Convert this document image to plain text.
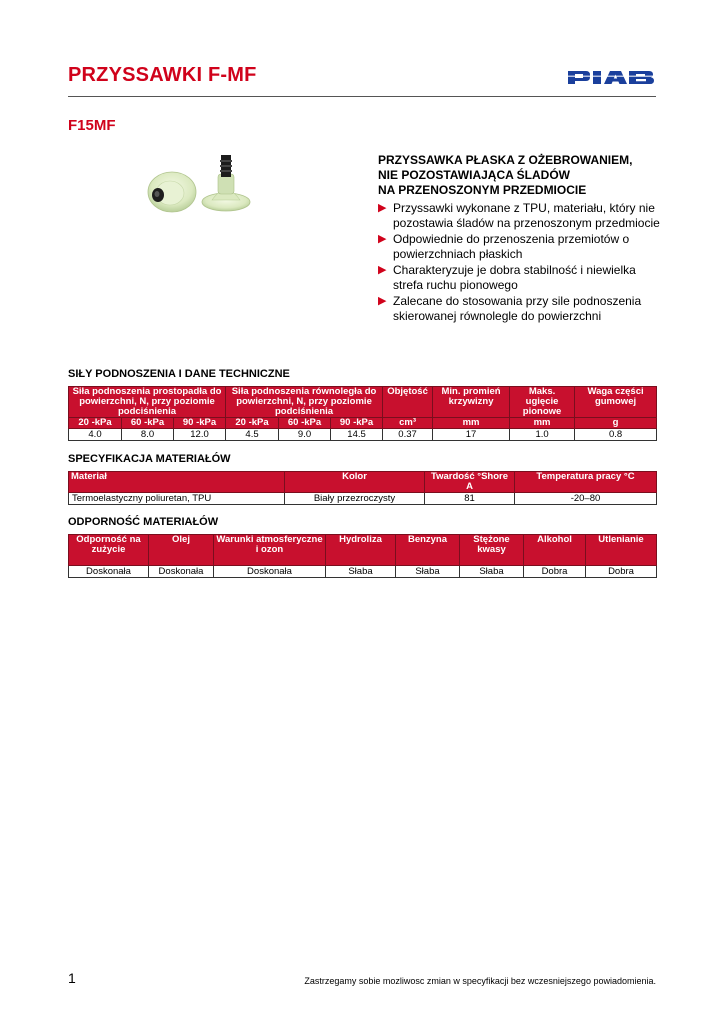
PRZYSSAWKI F-MF
F15MF
PRZYSSAWKA PŁASKA Z OŻEBROWANIEM,
NIE POZOSTAWIAJĄCA ŚLADÓW
NA PRZENOSZONYM PRZEDMIOCIE
▶ Przyssawki wykonane z TPU, materiału, który nie pozostawia śladów na przenoszonym przedmiocie
▶ Odpowiednie do przenoszenia przemiotów o powierzchniach płaskich
▶ Charakteryzuje je dobra stabilność i niewielka strefa ruchu pionowego
▶ Zalecane do stosowania przy sile podnoszenia skierowanej równolegle do powierzchni
SIŁY PODNOSZENIA I DANE TECHNICZNE
Siła podnoszenia prostopadła do powierzchni, N, przy poziomie podciśnienia			Siła podnoszenia równoległa do powierzchni, N, przy poziomie podciśnienia			Objętość	Min. promień krzywizny	Maks. ugięcie pionowe	Waga części gumowej
20 -kPa	60 -kPa	90 -kPa	20 -kPa	60 -kPa	90 -kPa	cm³	mm	mm	g
4.0	8.0	12.0	4.5	9.0	14.5	0.37	17	1.0	0.8
SPECYFIKACJA MATERIAŁÓW
Materiał	Kolor	Twardość °Shore A	Temperatura pracy °C
Termoelastyczny poliuretan, TPU	Biały przezroczysty	81	-20–80
ODPORNOŚĆ MATERIAŁÓW
Odporność na zużycie	Olej	Warunki atmosferyczne i ozon	Hydroliza	Benzyna	Stężone kwasy	Alkohol	Utlenianie
Doskonała	Doskonała	Doskonała	Słaba	Słaba	Słaba	Dobra	Dobra
1	Zastrzegamy sobie mozliwosc zmian w specyfikacji bez wczesniejszego powiadomienia.
